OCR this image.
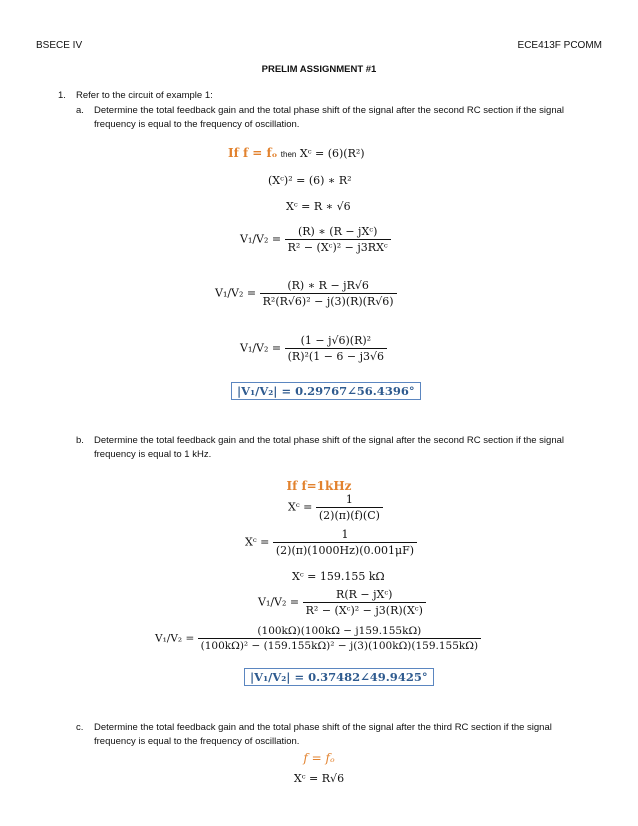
BSECE IV	ECE413F PCOMM
PRELIM ASSIGNMENT #1
1. Refer to the circuit of example 1:
a. Determine the total feedback gain and the total phase shift of the signal after the second RC section if the signal frequency is equal to the frequency of oscillation.
If f = fₒ then Xᶜ = (6)(R²)
(Xᶜ)² = (6) ∗ R²
Xᶜ = R ∗ √6
$V_1/V_2 = \frac{\text{(R) ∗ (R − jXᶜ)}}{\text{R² − (Xᶜ)² − j3RXᶜ}}$
$V_1/V_2 = \frac{(R) ∗ R - jR√6}{\text{R²(R√6)² − j(3)(R)(R√6)}}$
$V_1/V_2 = \frac{\text{(1 − j√6)(R)²}}{\text{(R)²(1 − 6 − j3√6}}$
|V₁/V₂| = 0.29767∠56.4396°
b. Determine the total feedback gain and the total phase shift of the signal after the second RC section if the signal frequency is equal to 1 kHz.
If f=1kHz
Xᶜ = $\frac{1}{(2)(\pi)(f)(C)}$
Xᶜ = $\frac{1}{(2)(\pi)(1000Hz)(0.001\mu F)}$
Xᶜ = 159.155 kΩ
$V_1/V_2 = \frac{\text{R(R − jXᶜ)}}{\text{R² − (Xᶜ)² − j3(R)(Xᶜ)}}$
$V_1/V_2 = \frac{(100k\Omega)(100k\Omega - j159.155k\Omega)}{\text{(100kΩ)² − (159.155kΩ)² − j(3)(100kΩ)(159.155kΩ)}}$
|V₁/V₂| = 0.37482∠49.9425°
c. Determine the total feedback gain and the total phase shift of the signal after the third RC section if the signal frequency is equal to the frequency of oscillation.
f = fₒ
Xᶜ = R√6
